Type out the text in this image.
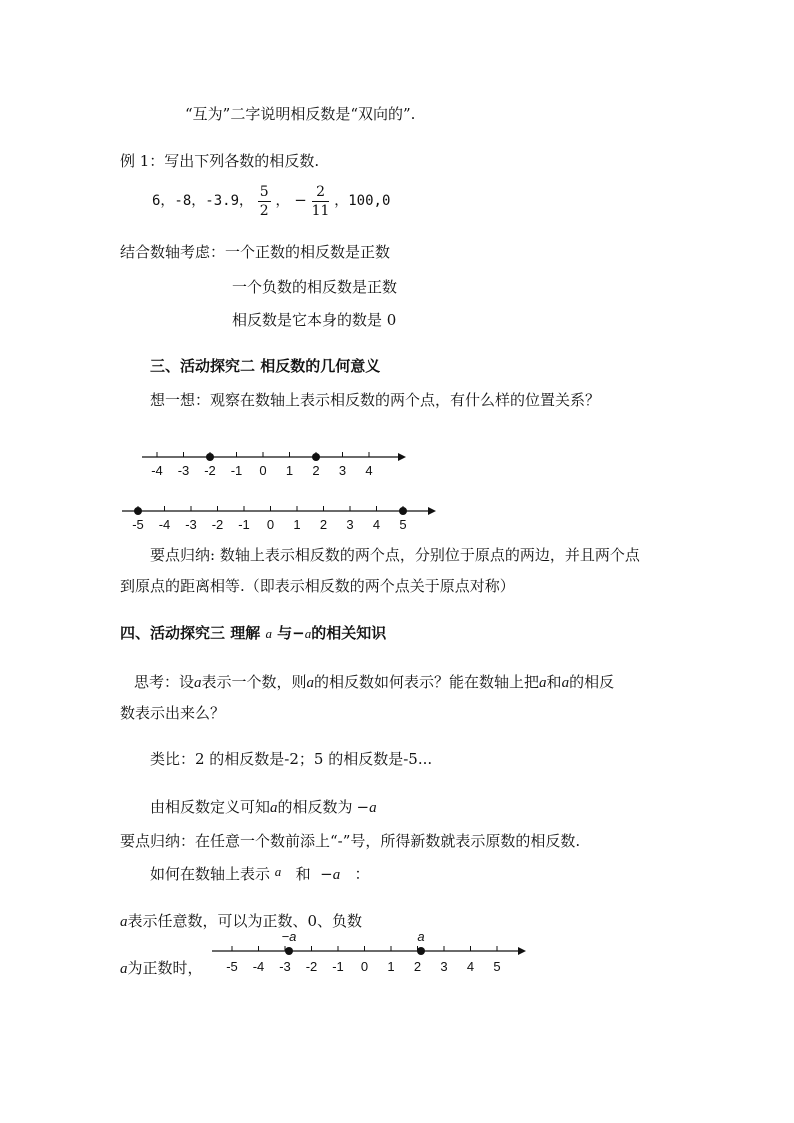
“互为”二字说明相反数是“双向的”.
例 1：写出下列各数的相反数.
6，-8，-3.9， $\frac{5}{2}$ ， − $\frac{2}{11}$ ，100,0
结合数轴考虑：一个正数的相反数是正数
一个负数的相反数是正数
相反数是它本身的数是 0
三、活动探究二 相反数的几何意义
想一想：观察在数轴上表示相反数的两个点，有什么样的位置关系？
-4 -3 -2 -1 0 1 2 3 4
-5 -4 -3 -2 -1 0 1 2 3 4 5
要点归纳: 数轴上表示相反数的两个点，分别位于原点的两边，并且两个点
到原点的距离相等.（即表示相反数的两个点关于原点对称）
四、活动探究三 理解 a 与−a的相关知识
思考：设a表示一个数，则a的相反数如何表示？能在数轴上把a和a的相反
数表示出来么？
类比：2 的相反数是-2；5 的相反数是-5...
由相反数定义可知a的相反数为 −a
要点归纳：在任意一个数前添上“-”号，所得新数就表示原数的相反数.
如何在数轴上表示 a   和  −a   ：
a表示任意数，可以为正数、0、负数
a为正数时， -5 -4 -3 -2 -1 0 1 2 3 4 5
−a	a
